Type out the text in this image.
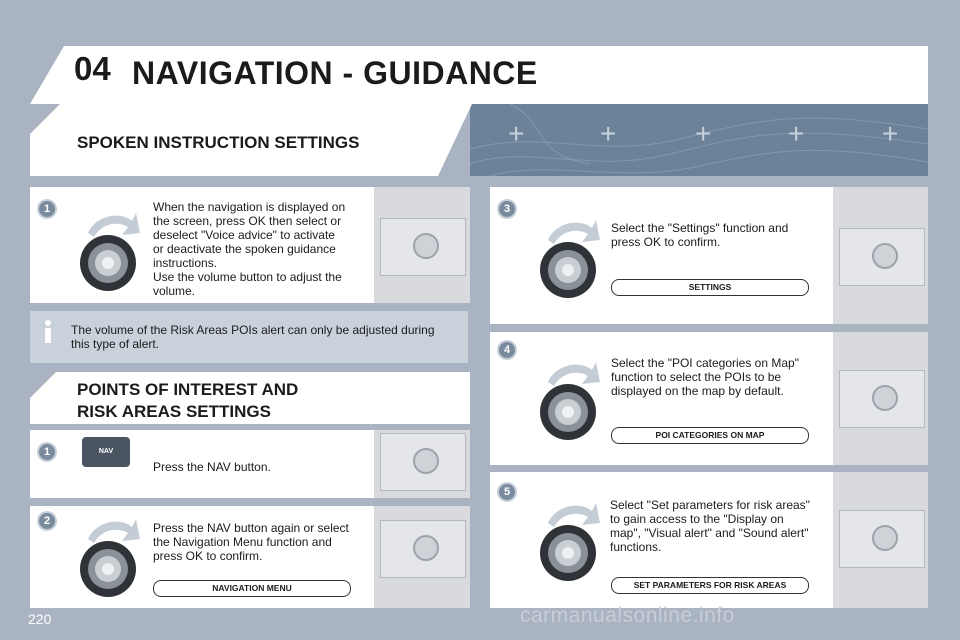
04 NAVIGATION - GUIDANCE
+	+	+	+	+
SPOKEN INSTRUCTION SETTINGS
1	When the navigation is displayed on
the screen, press OK then select or
deselect "Voice advice" to activate
or deactivate the spoken guidance
instructions.
Use the volume button to adjust the
volume.
The volume of the Risk Areas POIs alert can only be adjusted during
this type of alert.
POINTS OF INTEREST AND
RISK AREAS SETTINGS
1	NAV
Press the NAV button.
2	Press the NAV button again or select
the Navigation Menu function and
press OK to confirm.
NAVIGATION MENU
3
Select the "Settings" function and
press OK to confirm.
SETTINGS
4
Select the "POI categories on Map"
function to select the POIs to be
displayed on the map by default.
POI CATEGORIES ON MAP
5
Select "Set parameters for risk areas"
to gain access to the "Display on
map", "Visual alert" and "Sound alert"
functions.
SET PARAMETERS FOR RISK AREAS
220	carmanualsonline.info
